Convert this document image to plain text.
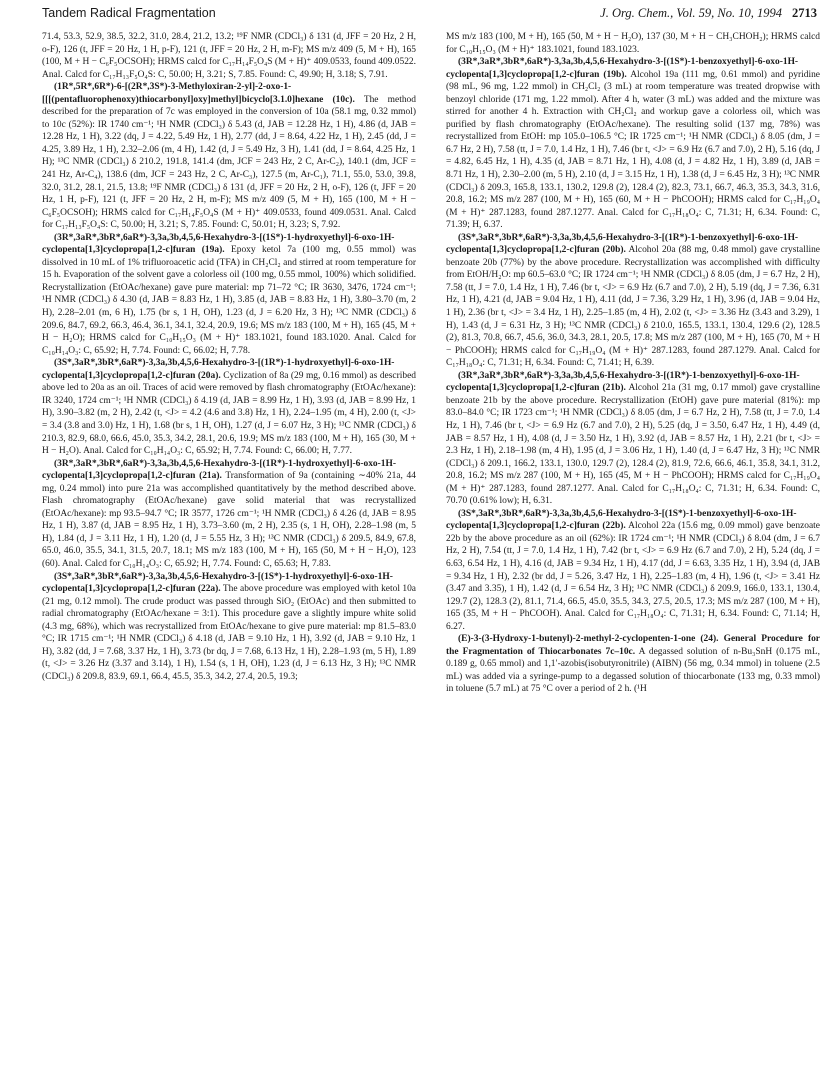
Tandem Radical Fragmentation	J. Org. Chem., Vol. 59, No. 10, 1994 2713

71.4, 53.3, 52.9, 38.5, 32.2, 31.0, 28.4, 21.2, 13.2; ¹⁹F NMR (CDCl₃) δ 131 (d, JFF = 20 Hz, 2 H, o-F), 126 (t, JFF = 20 Hz, 1 H, p-F), 121 (t, JFF = 20 Hz, 2 H, m-F); MS m/z 409 (5, M + H), 165 (100, M + H − C₆F₅OCSOH); HRMS calcd for C₁₇H₁₄F₅O₄S (M + H)⁺ 409.0533, found 409.0522. Anal. Calcd for C₁₇H₁₃F₅O₄S: C, 50.00; H, 3.21; S, 7.85. Found: C, 49.90; H, 3.18; S, 7.91.

(1R*,5R*,6R*)-6-[(2R*,3S*)-3-Methyloxiran-2-yl]-2-oxo-1-[[[(pentafluorophenoxy)thiocarbonyl]oxy]methyl]bicyclo[3.1.0]hexane (10c). The method described for the preparation of 7c was employed in the conversion of 10a (58.1 mg, 0.32 mmol) to 10c (52%): IR 1740 cm⁻¹; ¹H NMR (CDCl₃) δ 5.43 (d, JAB = 12.28 Hz, 1 H), 4.86 (d, JAB = 12.28 Hz, 1 H), 3.22 (dq, J = 4.22, 5.49 Hz, 1 H), 2.77 (dd, J = 8.64, 4.22 Hz, 1 H), 2.45 (dd, J = 4.25, 3.89 Hz, 1 H), 2.32–2.06 (m, 4 H), 1.42 (d, J = 5.49 Hz, 3 H), 1.41 (dd, J = 8.64, 4.25 Hz, 1 H); ¹³C NMR (CDCl₃) δ 210.2, 191.8, 141.4 (dm, JCF = 243 Hz, 2 C, Ar-C₂), 140.1 (dm, JCF = 241 Hz, Ar-C₄), 138.6 (dm, JCF = 243 Hz, 2 C, Ar-C₃), 127.5 (m, Ar-C₁), 71.1, 55.0, 53.0, 39.8, 32.0, 31.2, 28.1, 21.5, 13.8; ¹⁹F NMR (CDCl₃) δ 131 (d, JFF = 20 Hz, 2 H, o-F), 126 (t, JFF = 20 Hz, 1 H, p-F), 121 (t, JFF = 20 Hz, 2 H, m-F); MS m/z 409 (5, M + H), 165 (100, M + H − C₆F₅OCSOH); HRMS calcd for C₁₇H₁₄F₅O₄S (M + H)⁺ 409.0533, found 409.0531. Anal. Calcd for C₁₇H₁₃F₅O₄S: C, 50.00; H, 3.21; S, 7.85. Found: C, 50.01; H, 3.23; S, 7.92.

(3R*,3aR*,3bR*,6aR*)-3,3a,3b,4,5,6-Hexahydro-3-[(1S*)-1-hydroxyethyl]-6-oxo-1H-cyclopenta[1,3]cyclopropa[1,2-c]furan (19a). Epoxy ketol 7a (100 mg, 0.55 mmol) was dissolved in 10 mL of 1% trifluoroacetic acid (TFA) in CH₂Cl₂ and stirred at room temperature for 15 h. Evaporation of the solvent gave a colorless oil (100 mg, 0.55 mmol, 100%) which solidified. Recrystallization (EtOAc/hexane) gave pure material: mp 71–72 °C; IR 3630, 3476, 1724 cm⁻¹; ¹H NMR (CDCl₃) δ 4.30 (d, JAB = 8.83 Hz, 1 H), 3.85 (d, JAB = 8.83 Hz, 1 H), 3.80–3.70 (m, 2 H), 2.28–2.01 (m, 6 H), 1.75 (br s, 1 H, OH), 1.23 (d, J = 6.20 Hz, 3 H); ¹³C NMR (CDCl₃) δ 209.6, 84.7, 69.2, 66.3, 46.4, 36.1, 34.1, 32.4, 20.9, 19.6; MS m/z 183 (100, M + H), 165 (45, M + H − H₂O); HRMS calcd for C₁₀H₁₅O₃ (M + H)⁺ 183.1021, found 183.1020. Anal. Calcd for C₁₀H₁₄O₃: C, 65.92; H, 7.74. Found: C, 66.02; H, 7.78.

(3S*,3aR*,3bR*,6aR*)-3,3a,3b,4,5,6-Hexahydro-3-[(1R*)-1-hydroxyethyl]-6-oxo-1H-cyclopenta[1,3]cyclopropa[1,2-c]furan (20a). Cyclization of 8a (29 mg, 0.16 mmol) as described above led to 20a as an oil. Traces of acid were removed by flash chromatography (EtOAc/hexane): IR 3240, 1724 cm⁻¹; ¹H NMR (CDCl₃) δ 4.19 (d, JAB = 8.99 Hz, 1 H), 3.93 (d, JAB = 8.99 Hz, 1 H), 3.90–3.82 (m, 2 H), 2.42 (t, <J> = 4.2 (4.6 and 3.8) Hz, 1 H), 2.24–1.95 (m, 4 H), 2.00 (t, <J> = 3.4 (3.8 and 3.0) Hz, 1 H), 1.68 (br s, 1 H, OH), 1.27 (d, J = 6.07 Hz, 3 H); ¹³C NMR (CDCl₃) δ 210.3, 82.9, 68.0, 66.6, 45.0, 35.3, 34.2, 28.1, 20.6, 19.9; MS m/z 183 (100, M + H), 165 (30, M + H − H₂O). Anal. Calcd for C₁₀H₁₄O₃: C, 65.92; H, 7.74. Found: C, 66.00; H, 7.77.

(3R*,3aR*,3bR*,6aR*)-3,3a,3b,4,5,6-Hexahydro-3-[(1R*)-1-hydroxyethyl]-6-oxo-1H-cyclopenta[1,3]cyclopropa[1,2-c]furan (21a). Transformation of 9a (containing ∼40% 21a, 44 mg, 0.24 mmol) into pure 21a was accomplished quantitatively by the method described above. Flash chromatography (EtOAc/hexane) gave solid material that was recrystallized (EtOAc/hexane): mp 93.5–94.7 °C; IR 3577, 1726 cm⁻¹; ¹H NMR (CDCl₃) δ 4.26 (d, JAB = 8.95 Hz, 1 H), 3.87 (d, JAB = 8.95 Hz, 1 H), 3.73–3.60 (m, 2 H), 2.35 (s, 1 H, OH), 2.28–1.98 (m, 5 H), 1.84 (d, J = 3.11 Hz, 1 H), 1.20 (d, J = 5.55 Hz, 3 H); ¹³C NMR (CDCl₃) δ 209.5, 84.9, 67.8, 65.0, 46.0, 35.5, 34.1, 31.5, 20.7, 18.1; MS m/z 183 (100, M + H), 165 (50, M + H − H₂O), 123 (60). Anal. Calcd for C₁₀H₁₄O₃: C, 65.92; H, 7.74. Found: C, 65.63; H, 7.83.

(3S*,3aR*,3bR*,6aR*)-3,3a,3b,4,5,6-Hexahydro-3-[(1S*)-1-hydroxyethyl]-6-oxo-1H-cyclopenta[1,3]cyclopropa[1,2-c]furan (22a). The above procedure was employed with ketol 10a (21 mg, 0.12 mmol). The crude product was passed through SiO₂ (EtOAc) and then submitted to radial chromatography (EtOAc/hexane = 3:1). This procedure gave a slightly impure white solid (4.3 mg, 68%), which was recrystallized from EtOAc/hexane to give pure material: mp 81.5–83.0 °C; IR 1715 cm⁻¹; ¹H NMR (CDCl₃) δ 4.18 (d, JAB = 9.10 Hz, 1 H), 3.92 (d, JAB = 9.10 Hz, 1 H), 3.82 (dd, J = 7.68, 3.37 Hz, 1 H), 3.73 (br dq, J = 7.68, 6.13 Hz, 1 H), 2.28–1.93 (m, 5 H), 1.89 (t, <J> = 3.26 Hz (3.37 and 3.14), 1 H), 1.54 (s, 1 H, OH), 1.23 (d, J = 6.13 Hz, 3 H); ¹³C NMR (CDCl₃) δ 209.8, 83.9, 69.1, 66.4, 45.5, 35.3, 34.2, 27.4, 20.5, 19.3;

MS m/z 183 (100, M + H), 165 (50, M + H − H₂O), 137 (30, M + H − CH₃CHOH₂); HRMS calcd for C₁₀H₁₅O₃ (M + H)⁺ 183.1021, found 183.1023.

(3R*,3aR*,3bR*,6aR*)-3,3a,3b,4,5,6-Hexahydro-3-[(1S*)-1-benzoxyethyl]-6-oxo-1H-cyclopenta[1,3]cyclopropa[1,2-c]furan (19b). Alcohol 19a (111 mg, 0.61 mmol) and pyridine (98 mL, 96 mg, 1.22 mmol) in CH₂Cl₂ (3 mL) at room temperature was treated dropwise with benzoyl chloride (171 mg, 1.22 mmol). After 4 h, water (3 mL) was added and the mixture was stirred for another 4 h. Extraction with CH₂Cl₂ and workup gave a colorless oil, which was purified by flash chromatography (EtOAc/hexane). The resulting solid (137 mg, 78%) was recrystallized from EtOH: mp 105.0–106.5 °C; IR 1725 cm⁻¹; ¹H NMR (CDCl₃) δ 8.05 (dm, J = 6.7 Hz, 2 H), 7.58 (tt, J = 7.0, 1.4 Hz, 1 H), 7.46 (br t, <J> = 6.9 Hz (6.7 and 7.0), 2 H), 5.16 (dq, J = 4.82, 6.45 Hz, 1 H), 4.35 (d, JAB = 8.71 Hz, 1 H), 4.08 (d, J = 4.82 Hz, 1 H), 3.89 (d, JAB = 8.71 Hz, 1 H), 2.30–2.00 (m, 5 H), 2.10 (d, J = 3.15 Hz, 1 H), 1.38 (d, J = 6.45 Hz, 3 H); ¹³C NMR (CDCl₃) δ 209.3, 165.8, 133.1, 130.2, 129.8 (2), 128.4 (2), 82.3, 73.1, 66.7, 46.3, 35.3, 34.3, 31.6, 20.8, 16.2; MS m/z 287 (100, M + H), 165 (60, M + H − PhCOOH); HRMS calcd for C₁₇H₁₉O₄ (M + H)⁺ 287.1283, found 287.1277. Anal. Calcd for C₁₇H₁₈O₄: C, 71.31; H, 6.34. Found: C, 71.39; H, 6.37.

(3S*,3aR*,3bR*,6aR*)-3,3a,3b,4,5,6-Hexahydro-3-[(1R*)-1-benzoxyethyl]-6-oxo-1H-cyclopenta[1,3]cyclopropa[1,2-c]furan (20b). Alcohol 20a (88 mg, 0.48 mmol) gave crystalline benzoate 20b (77%) by the above procedure. Recrystallization was accomplished with difficulty from EtOH/H₂O: mp 60.5–63.0 °C; IR 1724 cm⁻¹; ¹H NMR (CDCl₃) δ 8.05 (dm, J = 6.7 Hz, 2 H), 7.58 (tt, J = 7.0, 1.4 Hz, 1 H), 7.46 (br t, <J> = 6.9 Hz (6.7 and 7.0), 2 H), 5.19 (dq, J = 7.36, 6.31 Hz, 1 H), 4.21 (d, JAB = 9.04 Hz, 1 H), 4.11 (dd, J = 7.36, 3.29 Hz, 1 H), 3.96 (d, JAB = 9.04 Hz, 1 H), 2.36 (br t, <J> = 3.4 Hz, 1 H), 2.25–1.85 (m, 4 H), 2.02 (t, <J> = 3.36 Hz (3.43 and 3.29), 1 H), 1.43 (d, J = 6.31 Hz, 3 H); ¹³C NMR (CDCl₃) δ 210.0, 165.5, 133.1, 130.4, 129.6 (2), 128.5 (2), 81.3, 70.8, 66.7, 45.6, 36.0, 34.3, 28.1, 20.5, 17.8; MS m/z 287 (100, M + H), 165 (70, M + H − PhCOOH); HRMS calcd for C₁₇H₁₉O₄ (M + H)⁺ 287.1283, found 287.1279. Anal. Calcd for C₁₇H₁₈O₄: C, 71.31; H, 6.34. Found: C, 71.41; H, 6.39.

(3R*,3aR*,3bR*,6aR*)-3,3a,3b,4,5,6-Hexahydro-3-[(1R*)-1-benzoxyethyl]-6-oxo-1H-cyclopenta[1,3]cyclopropa[1,2-c]furan (21b). Alcohol 21a (31 mg, 0.17 mmol) gave crystalline benzoate 21b by the above procedure. Recrystallization (EtOH) gave pure material (81%): mp 83.0–84.0 °C; IR 1723 cm⁻¹; ¹H NMR (CDCl₃) δ 8.05 (dm, J = 6.7 Hz, 2 H), 7.58 (tt, J = 7.0, 1.4 Hz, 1 H), 7.46 (br t, <J> = 6.9 Hz (6.7 and 7.0), 2 H), 5.25 (dq, J = 3.50, 6.47 Hz, 1 H), 4.49 (d, JAB = 8.57 Hz, 1 H), 4.08 (d, J = 3.50 Hz, 1 H), 3.92 (d, JAB = 8.57 Hz, 1 H), 2.21 (br t, <J> = 2.3 Hz, 1 H), 2.18–1.98 (m, 4 H), 1.95 (d, J = 3.06 Hz, 1 H), 1.40 (d, J = 6.47 Hz, 3 H); ¹³C NMR (CDCl₃) δ 209.1, 166.2, 133.1, 130.0, 129.7 (2), 128.4 (2), 81.9, 72.6, 66.6, 46.1, 35.8, 34.1, 31.2, 20.8, 16.2; MS m/z 287 (100, M + H), 165 (45, M + H − PhCOOH); HRMS calcd for C₁₇H₁₉O₄ (M + H)⁺ 287.1283, found 287.1277. Anal. Calcd for C₁₇H₁₈O₄: C, 71.31; H, 6.34. Found: C, 70.70 (0.61% low); H, 6.31.

(3S*,3aR*,3bR*,6aR*)-3,3a,3b,4,5,6-Hexahydro-3-[(1S*)-1-benzoxyethyl]-6-oxo-1H-cyclopenta[1,3]cyclopropa[1,2-c]furan (22b). Alcohol 22a (15.6 mg, 0.09 mmol) gave benzoate 22b by the above procedure as an oil (62%): IR 1724 cm⁻¹; ¹H NMR (CDCl₃) δ 8.04 (dm, J = 6.7 Hz, 2 H), 7.54 (tt, J = 7.0, 1.4 Hz, 1 H), 7.42 (br t, <J> = 6.9 Hz (6.7 and 7.0), 2 H), 5.24 (dq, J = 6.63, 6.54 Hz, 1 H), 4.16 (d, JAB = 9.34 Hz, 1 H), 4.17 (dd, J = 6.63, 3.35 Hz, 1 H), 3.94 (d, JAB = 9.34 Hz, 1 H), 2.32 (br dd, J = 5.26, 3.47 Hz, 1 H), 2.25–1.83 (m, 4 H), 1.96 (t, <J> = 3.41 Hz (3.47 and 3.35), 1 H), 1.42 (d, J = 6.54 Hz, 3 H); ¹³C NMR (CDCl₃) δ 209.9, 166.0, 133.1, 130.4, 129.7 (2), 128.3 (2), 81.1, 71.4, 66.5, 45.0, 35.5, 34.3, 27.5, 20.5, 17.3; MS m/z 287 (100, M + H), 165 (35, M + H − PhCOOH). Anal. Calcd for C₁₇H₁₈O₄: C, 71.31; H, 6.34. Found: C, 71.14; H, 6.27.

(E)-3-(3-Hydroxy-1-butenyl)-2-methyl-2-cyclopenten-1-one (24). General Procedure for the Fragmentation of Thiocarbonates 7c–10c. A degassed solution of n-Bu₃SnH (0.175 mL, 0.189 g, 0.65 mmol) and 1,1′-azobis(isobutyronitrile) (AIBN) (56 mg, 0.34 mmol) in toluene (2.5 mL) was added via a syringe-pump to a degassed solution of thiocarbonate (133 mg, 0.33 mmol) in toluene (5.7 mL) at 75 °C over a period of 2 h. (¹H
